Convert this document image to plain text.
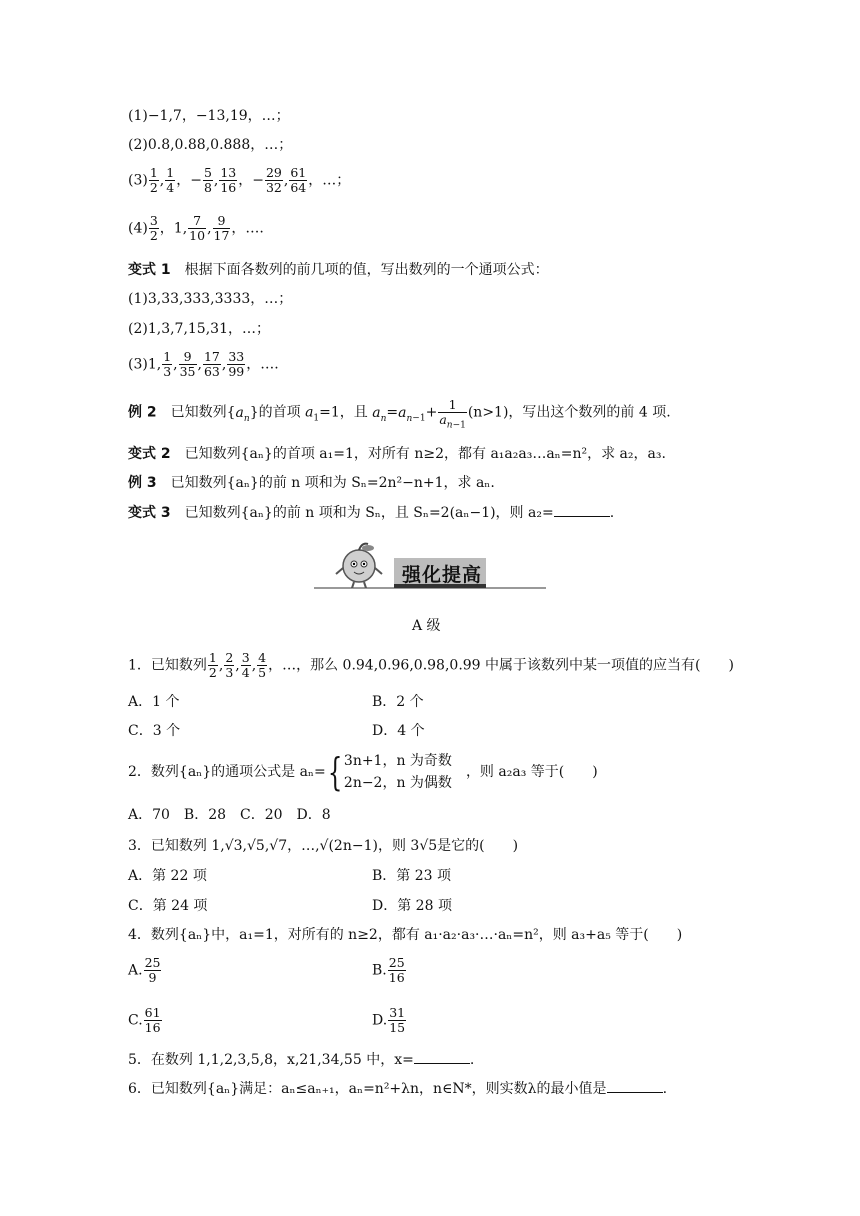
(1)−1,7，−13,19，…；
(2)0.8,0.88,0.888，…；
$(3) \frac{1}{2}$ , $\frac{1}{4}$ ，− $\frac{5}{8}$ , $\frac{13}{16}$ ，− $\frac{29}{32}$ , $\frac{61}{64}$ ，…；
$(4) \frac{3}{2}$ ，1, $\frac{7}{10}$ , $\frac{9}{17}$ ，….
变式 1　 根据下面各数列的前几项的值，写出数列的一个通项公式：
(1)3,33,333,3333，…；
(2)1,3,7,15,31，…；
(3)1, $\frac{1}{3}$ , $\frac{9}{35}$ , $\frac{17}{63}$ , $\frac{33}{99}$ ，….
例 2　 已知数列$\{a_n\}$的首项 $a_1=1$，且 $a_n=a_{n-1}+ \frac{1}{a_{n-1}} (n>1)$，写出这个数列的前 4 项.
变式 2　 已知数列{aₙ}的首项 a₁=1，对所有 n≥2，都有 a₁a₂a₃…aₙ=n²，求 a₂，a₃.
例 3　 已知数列{aₙ}的前 n 项和为 Sₙ=2n²−n+1，求 aₙ.
变式 3　 已知数列{aₙ}的前 n 项和为 Sₙ，且 Sₙ=2(aₙ−1)，则 a₂=	.
强化提高
A 级
1．已知数列 $\frac{1}{2}$ , $\frac{2}{3}$ , $\frac{3}{4}$ , $\frac{4}{5}$ ，…，那么 0.94,0.96,0.98,0.99 中属于该数列中某一项值的应当有(　　)
A．1 个	B．2 个
C．3 个	D．4 个
2．数列{aₙ}的通项公式是 aₙ={ 3n+1，n 为奇数
2n−2，n 为偶数
　，则 a₂a₃ 等于(　　)
A．70　B．28　C．20　D．8
3．已知数列 1,√3,√5,√7，…,√(2n−1)，则 3√5是它的(　　)
A．第 22 项	B．第 23 项
C．第 24 项	D．第 28 项
4．数列{aₙ}中，a₁=1，对所有的 n≥2，都有 a₁·a₂·a₃·…·aₙ=n²，则 a₃+a₅ 等于(　　)
A. $\frac{25}{9}$	B. $\frac{25}{16}$
C. $\frac{61}{16}$	D. $\frac{31}{15}$
5．在数列 1,1,2,3,5,8，x,21,34,55 中，x=	.
6．已知数列{aₙ}满足：aₙ≤aₙ₊₁，aₙ=n²+λn，n∈N*，则实数λ的最小值是	.
